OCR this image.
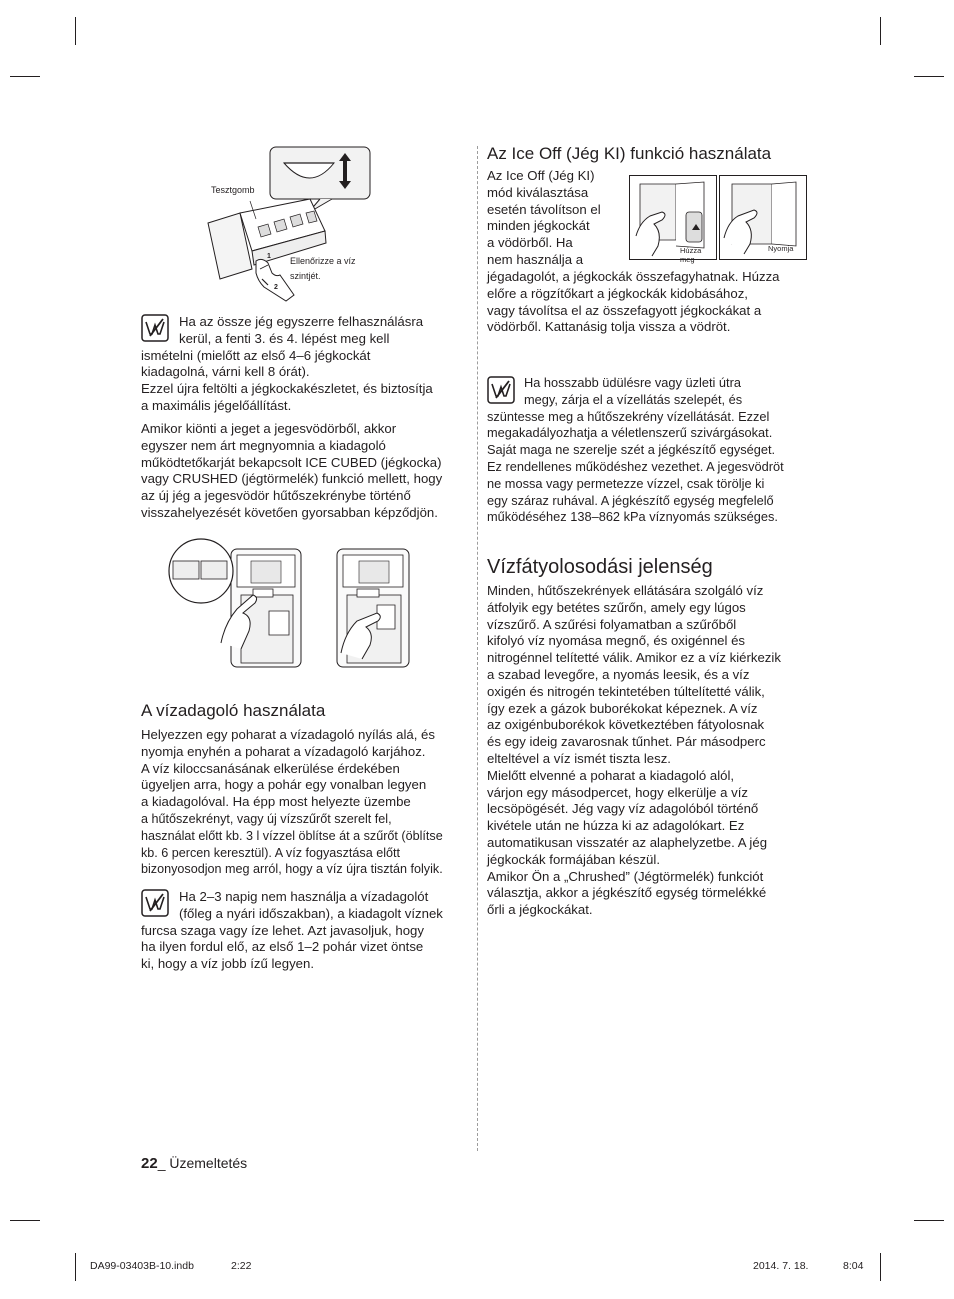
Tesztgomb
Ellenőrizze a víz szintjét.
1
2
Ha az össze jég egyszerre felhasználásra
kerül, a fenti 3. és 4. lépést meg kell
ismételni (mielőtt az első 4–6 jégkockát
kiadagolná, várni kell 8 órát).
Ezzel újra feltölti a jégkockakészletet, és biztosítja
a maximális jégelőállítást.
Amikor kiönti a jeget a jegesvödörből, akkor
egyszer nem árt megnyomnia a kiadagoló
működtetőkarját bekapcsolt ICE CUBED (jégkocka)
vagy CRUSHED (jégtörmelék) funkció mellett, hogy
az új jég a jegesvödör hűtőszekrénybe történő
visszahelyezését követően gyorsabban képződjön.
A vízadagoló használata
Helyezzen egy poharat a vízadagoló nyílás alá, és
nyomja enyhén a poharat a vízadagoló karjához.
A víz kiloccsanásának elkerülése érdekében
ügyeljen arra, hogy a pohár egy vonalban legyen
a kiadagolóval. Ha épp most helyezte üzembe
a hűtőszekrényt, vagy új vízszűrőt szerelt fel,
használat előtt kb. 3 l vízzel öblítse át a szűrőt (öblítse
kb. 6 percen keresztül). A víz fogyasztása előtt
bizonyosodjon meg arról, hogy a víz újra tisztán folyik.
Ha 2–3 napig nem használja a vízadagolót
(főleg a nyári időszakban), a kiadagolt víznek
furcsa szaga vagy íze lehet. Azt javasoljuk, hogy
ha ilyen fordul elő, az első 1–2 pohár vizet öntse
ki, hogy a víz jobb ízű legyen.
Az Ice Off (Jég KI) funkció használata
Az Ice Off (Jég KI)
mód kiválasztása
esetén távolítson el
minden jégkockát
a vödörből. Ha
nem használja a
Húzza meg
Nyomja
jégadagolót, a jégkockák összefagyhatnak. Húzza
előre a rögzítőkart a jégkockák kidobásához,
vagy távolítsa el az összefagyott jégkockákat a
vödörből. Kattanásig tolja vissza a vödröt.
Ha hosszabb üdülésre vagy üzleti útra
megy, zárja el a vízellátás szelepét, és
szüntesse meg a hűtőszekrény vízellátását. Ezzel
megakadályozhatja a véletlenszerű szivárgásokat.
Saját maga ne szerelje szét a jégkészítő egységet.
Ez rendellenes működéshez vezethet. A jegesvödröt
ne mossa vagy permetezze vízzel, csak törölje ki
egy száraz ruhával. A jégkészítő egység megfelelő
működéséhez 138–862 kPa víznyomás szükséges.
Vízfátyolosodási jelenség
Minden, hűtőszekrények ellátására szolgáló víz
átfolyik egy betétes szűrőn, amely egy lúgos
vízszűrő. A szűrési folyamatban a szűrőből
kifolyó víz nyomása megnő, és oxigénnel és
nitrogénnel telítetté válik. Amikor ez a víz kiérkezik
a szabad levegőre, a nyomás leesik, és a víz
oxigén és nitrogén tekintetében túltelítetté válik,
így ezek a gázok buborékokat képeznek. A víz
az oxigénbuborékok következtében fátyolosnak
és egy ideig zavarosnak tűnhet. Pár másodperc
elteltével a víz ismét tiszta lesz.
Mielőtt elvenné a poharat a kiadagoló alól,
várjon egy másodpercet, hogy elkerülje a víz
lecsöpögését. Jég vagy víz adagolóból történő
kivétele után ne húzza ki az adagolókart. Ez
automatikusan visszatér az alaphelyzetbe. A jég
jégkockák formájában készül.
Amikor Ön a „Chrushed” (Jégtörmelék) funkciót
választja, akkor a jégkészítő egység törmelékké
őrli a jégkockákat.
22_ Üzemeltetés
DA99-03403B-10.indb	2:22	2014. 7. 18.	8:04
